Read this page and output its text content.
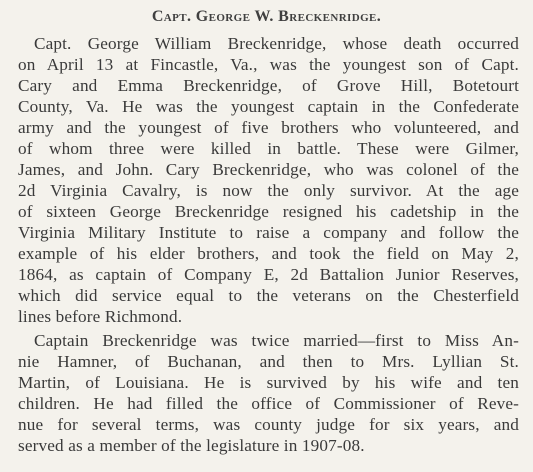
Capt. George W. Breckenridge.
Capt. George William Breckenridge, whose death occurred
on April 13 at Fincastle, Va., was the youngest son of Capt.
Cary and Emma Breckenridge, of Grove Hill, Botetourt
County, Va. He was the youngest captain in the Confederate
army and the youngest of five brothers who volunteered, and
of whom three were killed in battle. These were Gilmer,
James, and John. Cary Breckenridge, who was colonel of the
2d Virginia Cavalry, is now the only survivor. At the age
of sixteen George Breckenridge resigned his cadetship in the
Virginia Military Institute to raise a company and follow the
example of his elder brothers, and took the field on May 2,
1864, as captain of Company E, 2d Battalion Junior Reserves,
which did service equal to the veterans on the Chesterfield
lines before Richmond.
Captain Breckenridge was twice married—first to Miss An-
nie Hamner, of Buchanan, and then to Mrs. Lyllian St.
Martin, of Louisiana. He is survived by his wife and ten
children. He had filled the office of Commissioner of Reve-
nue for several terms, was county judge for six years, and
served as a member of the legislature in 1907-08.
